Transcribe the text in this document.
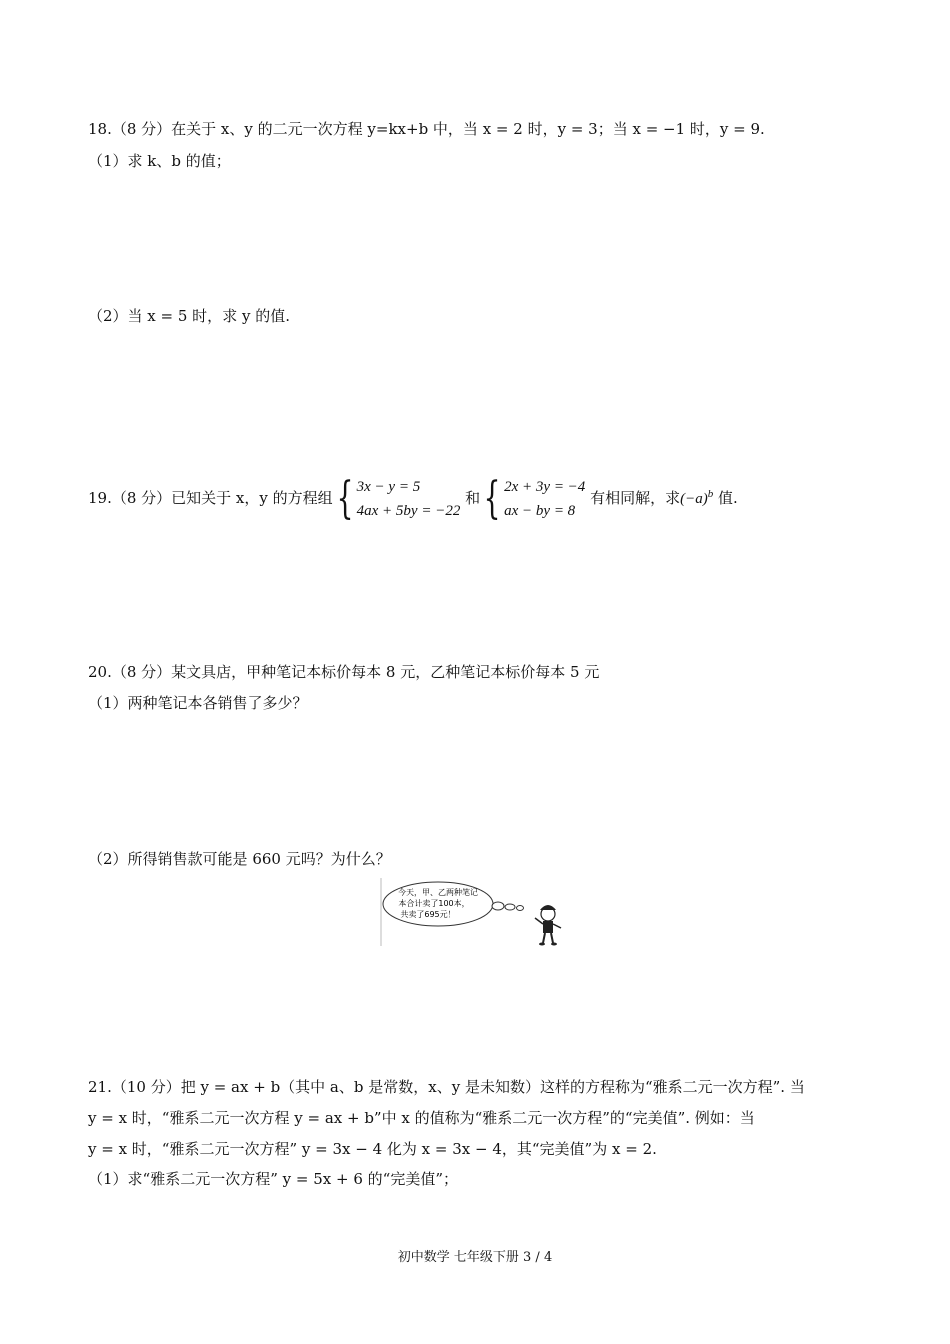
18.（8 分）在关于 x、y 的二元一次方程 y=kx+b 中，当 x = 2 时，y = 3；当 x = −1 时，y = 9.
（1）求 k、b 的值；
（2）当 x = 5 时，求 y 的值.
19.（8 分）已知关于 x，y 的方程组{ 3x − y = 5
4ax + 5by = −22
和{ 2x + 3y = −4
ax − by = 8
有相同解，求$(-a)^b$ 值.
20.（8 分）某文具店，甲种笔记本标价每本 8 元，乙种笔记本标价每本 5 元
（1）两种笔记本各销售了多少？
（2）所得销售款可能是 660 元吗？为什么？
今天，甲、乙两种笔记
本合计卖了100本，
共卖了695元！
21.（10 分）把 y = ax + b（其中 a、b 是常数，x、y 是未知数）这样的方程称为“雅系二元一次方程”. 当
y = x 时，“雅系二元一次方程 y = ax + b”中 x 的值称为“雅系二元一次方程”的“完美值”. 例如：当
y = x 时，“雅系二元一次方程” y = 3x − 4 化为 x = 3x − 4，其“完美值”为 x = 2.
（1）求“雅系二元一次方程” y = 5x + 6 的“完美值”；
初中数学 七年级下册 3 / 4
